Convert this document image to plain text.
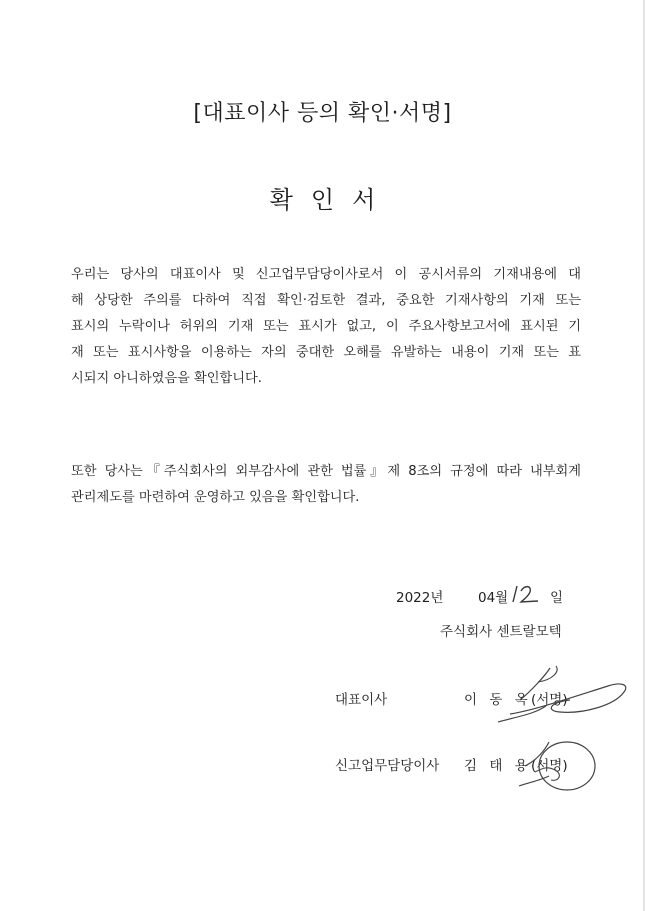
[대표이사 등의 확인·서명]
확인서
우리는 당사의 대표이사 및 신고업무담당이사로서 이 공시서류의 기재내용에 대
해 상당한 주의를 다하여 직접 확인·검토한 결과, 중요한 기재사항의 기재 또는
표시의 누락이나 허위의 기재 또는 표시가 없고, 이 주요사항보고서에 표시된 기
재 또는 표시사항을 이용하는 자의 중대한 오해를 유발하는 내용이 기재 또는 표
시되지 아니하였음을 확인합니다.
또한 당사는『주식회사의 외부감사에 관한 법률』제 8조의 규정에 따라 내부회계
관리제도를 마련하여 운영하고 있음을 확인합니다.
2022년	04월	일
주식회사 센트랄모텍
대표이사	이 동 옥 (서명)
신고업무담당이사 김 태 용 (서명)
